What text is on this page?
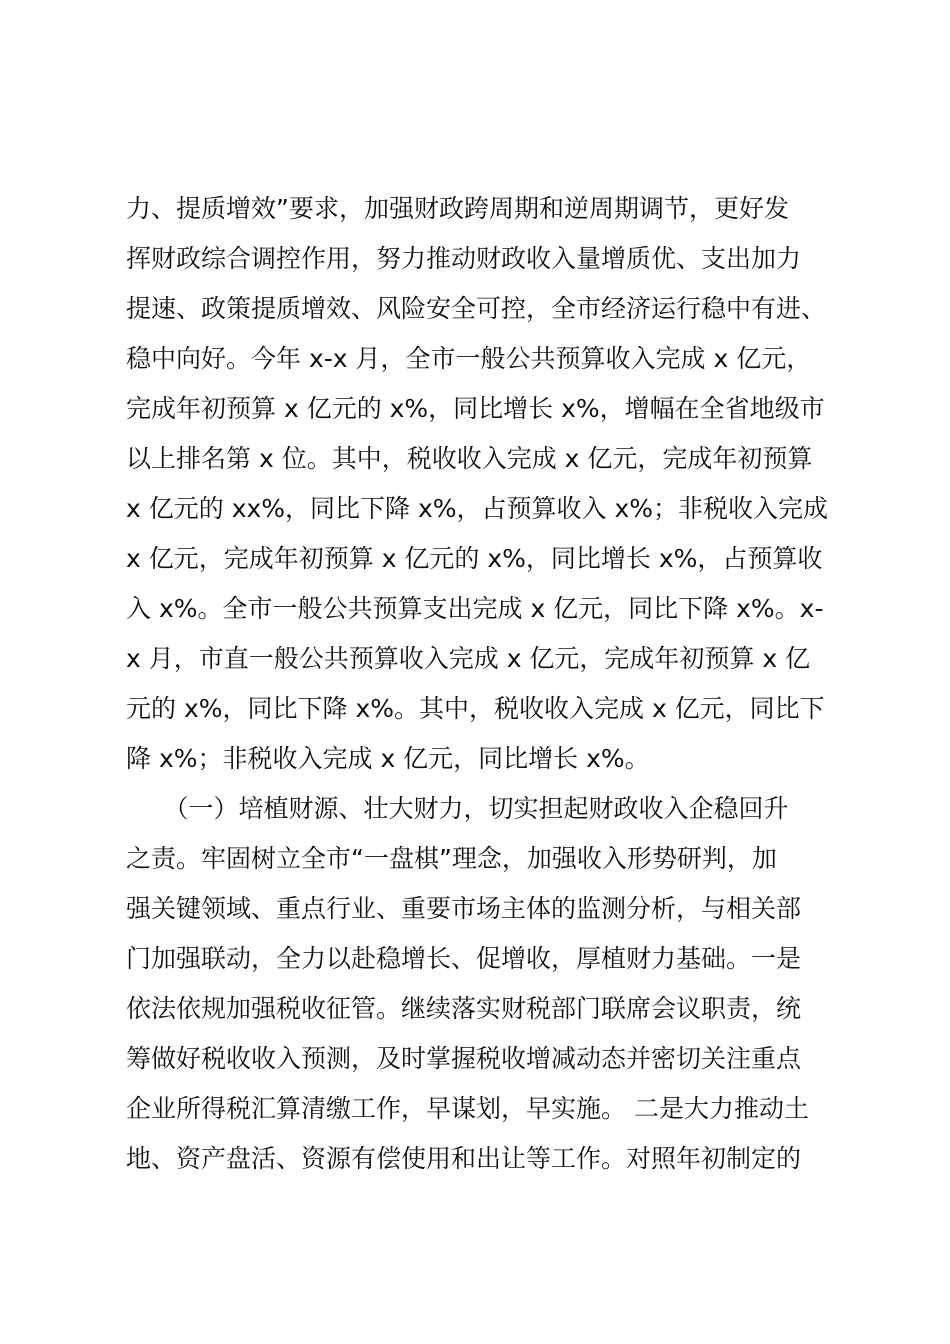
力、提质增效”要求，加强财政跨周期和逆周期调节，更好发
挥财政综合调控作用，努力推动财政收入量增质优、支出加力
提速、政策提质增效、风险安全可控，全市经济运行稳中有进、
稳中向好。今年 x-x 月，全市一般公共预算收入完成 x 亿元，
完成年初预算 x 亿元的 x%，同比增长 x%，增幅在全省地级市
以上排名第 x 位。其中，税收收入完成 x 亿元，完成年初预算
x 亿元的 xx%，同比下降 x%，占预算收入 x%；非税收入完成
x 亿元，完成年初预算 x 亿元的 x%，同比增长 x%，占预算收
入 x%。全市一般公共预算支出完成 x 亿元，同比下降 x%。x-
x 月，市直一般公共预算收入完成 x 亿元，完成年初预算 x 亿
元的 x%，同比下降 x%。其中，税收收入完成 x 亿元，同比下
降 x%；非税收入完成 x 亿元，同比增长 x%。
　　（一）培植财源、壮大财力，切实担起财政收入企稳回升
之责。牢固树立全市“一盘棋”理念，加强收入形势研判，加
强关键领域、重点行业、重要市场主体的监测分析，与相关部
门加强联动，全力以赴稳增长、促增收，厚植财力基础。一是
依法依规加强税收征管。继续落实财税部门联席会议职责，统
筹做好税收收入预测，及时掌握税收增减动态并密切关注重点
企业所得税汇算清缴工作，早谋划，早实施。 二是大力推动土
地、资产盘活、资源有偿使用和出让等工作。对照年初制定的
